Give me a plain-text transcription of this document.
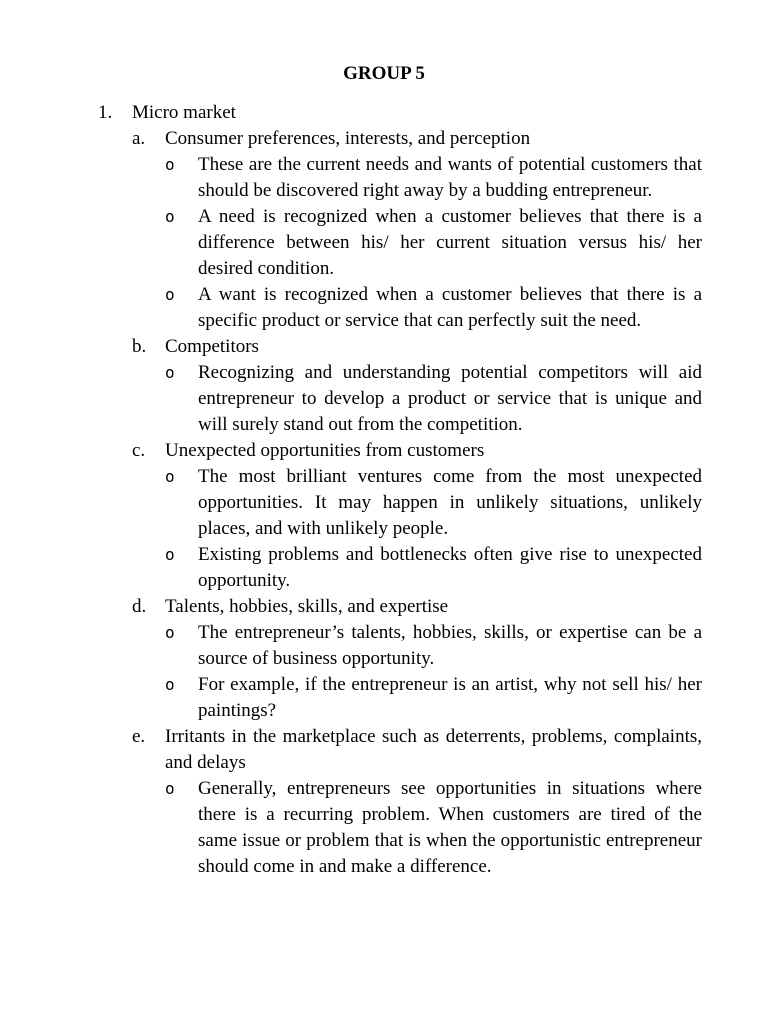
GROUP 5
1. Micro market
a. Consumer preferences, interests, and perception
o These are the current needs and wants of potential customers that should be discovered right away by a budding entrepreneur.
o A need is recognized when a customer believes that there is a difference between his/ her current situation versus his/ her desired condition.
o A want is recognized when a customer believes that there is a specific product or service that can perfectly suit the need.
b. Competitors
o Recognizing and understanding potential competitors will aid entrepreneur to develop a product or service that is unique and will surely stand out from the competition.
c. Unexpected opportunities from customers
o The most brilliant ventures come from the most unexpected opportunities. It may happen in unlikely situations, unlikely places, and with unlikely people.
o Existing problems and bottlenecks often give rise to unexpected opportunity.
d. Talents, hobbies, skills, and expertise
o The entrepreneur’s talents, hobbies, skills, or expertise can be a source of business opportunity.
o For example, if the entrepreneur is an artist, why not sell his/ her paintings?
e. Irritants in the marketplace such as deterrents, problems, complaints, and delays
o Generally, entrepreneurs see opportunities in situations where there is a recurring problem. When customers are tired of the same issue or problem that is when the opportunistic entrepreneur should come in and make a difference.
